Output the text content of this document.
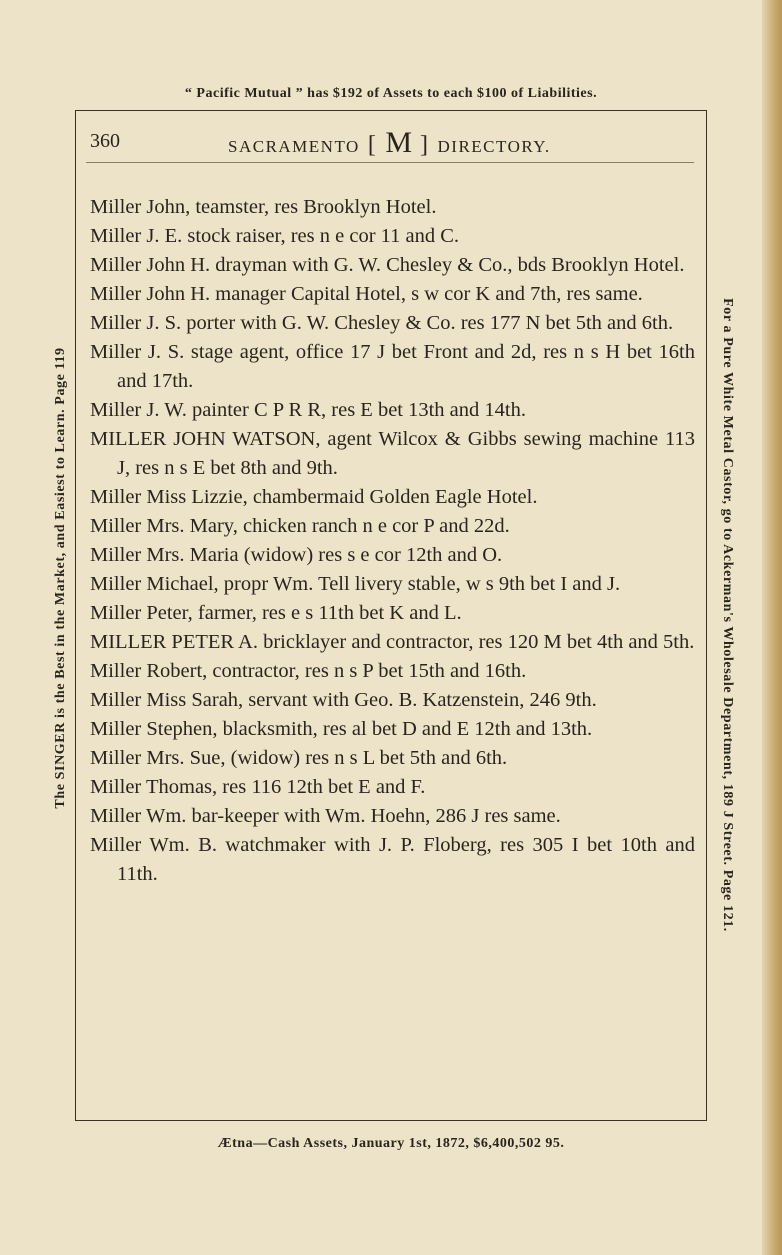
“ Pacific Mutual ” has $192 of Assets to each $100 of Liabilities.
360	SACRAMENTO [ M ] DIRECTORY.
Miller John, teamster, res Brooklyn Hotel.
Miller J. E. stock raiser, res n e cor 11 and C.
Miller John H. drayman with G. W. Chesley & Co., bds Brooklyn Hotel.
Miller John H. manager Capital Hotel, s w cor K and 7th, res same.
Miller J. S. porter with G. W. Chesley & Co. res 177 N bet 5th and 6th.
Miller J. S. stage agent, office 17 J bet Front and 2d, res n s H bet 16th and 17th.
Miller J. W. painter C P R R, res E bet 13th and 14th.
MILLER JOHN WATSON, agent Wilcox & Gibbs sewing machine 113 J, res n s E bet 8th and 9th.
Miller Miss Lizzie, chambermaid Golden Eagle Hotel.
Miller Mrs. Mary, chicken ranch n e cor P and 22d.
Miller Mrs. Maria (widow) res s e cor 12th and O.
Miller Michael, propr Wm. Tell livery stable, w s 9th bet I and J.
Miller Peter, farmer, res e s 11th bet K and L.
MILLER PETER A. bricklayer and contractor, res 120 M bet 4th and 5th.
Miller Robert, contractor, res n s P bet 15th and 16th.
Miller Miss Sarah, servant with Geo. B. Katzenstein, 246 9th.
Miller Stephen, blacksmith, res al bet D and E 12th and 13th.
Miller Mrs. Sue, (widow) res n s L bet 5th and 6th.
Miller Thomas, res 116 12th bet E and F.
Miller Wm. bar-keeper with Wm. Hoehn, 286 J res same.
Miller Wm. B. watchmaker with J. P. Floberg, res 305 I bet 10th and 11th.
The SINGER is the Best in the Market, and Easiest to Learn. Page 119	For a Pure White Metal Castor, go to Ackerman's Wholesale Department, 189 J Street. Page 121.
Ætna—Cash Assets, January 1st, 1872, $6,400,502 95.
